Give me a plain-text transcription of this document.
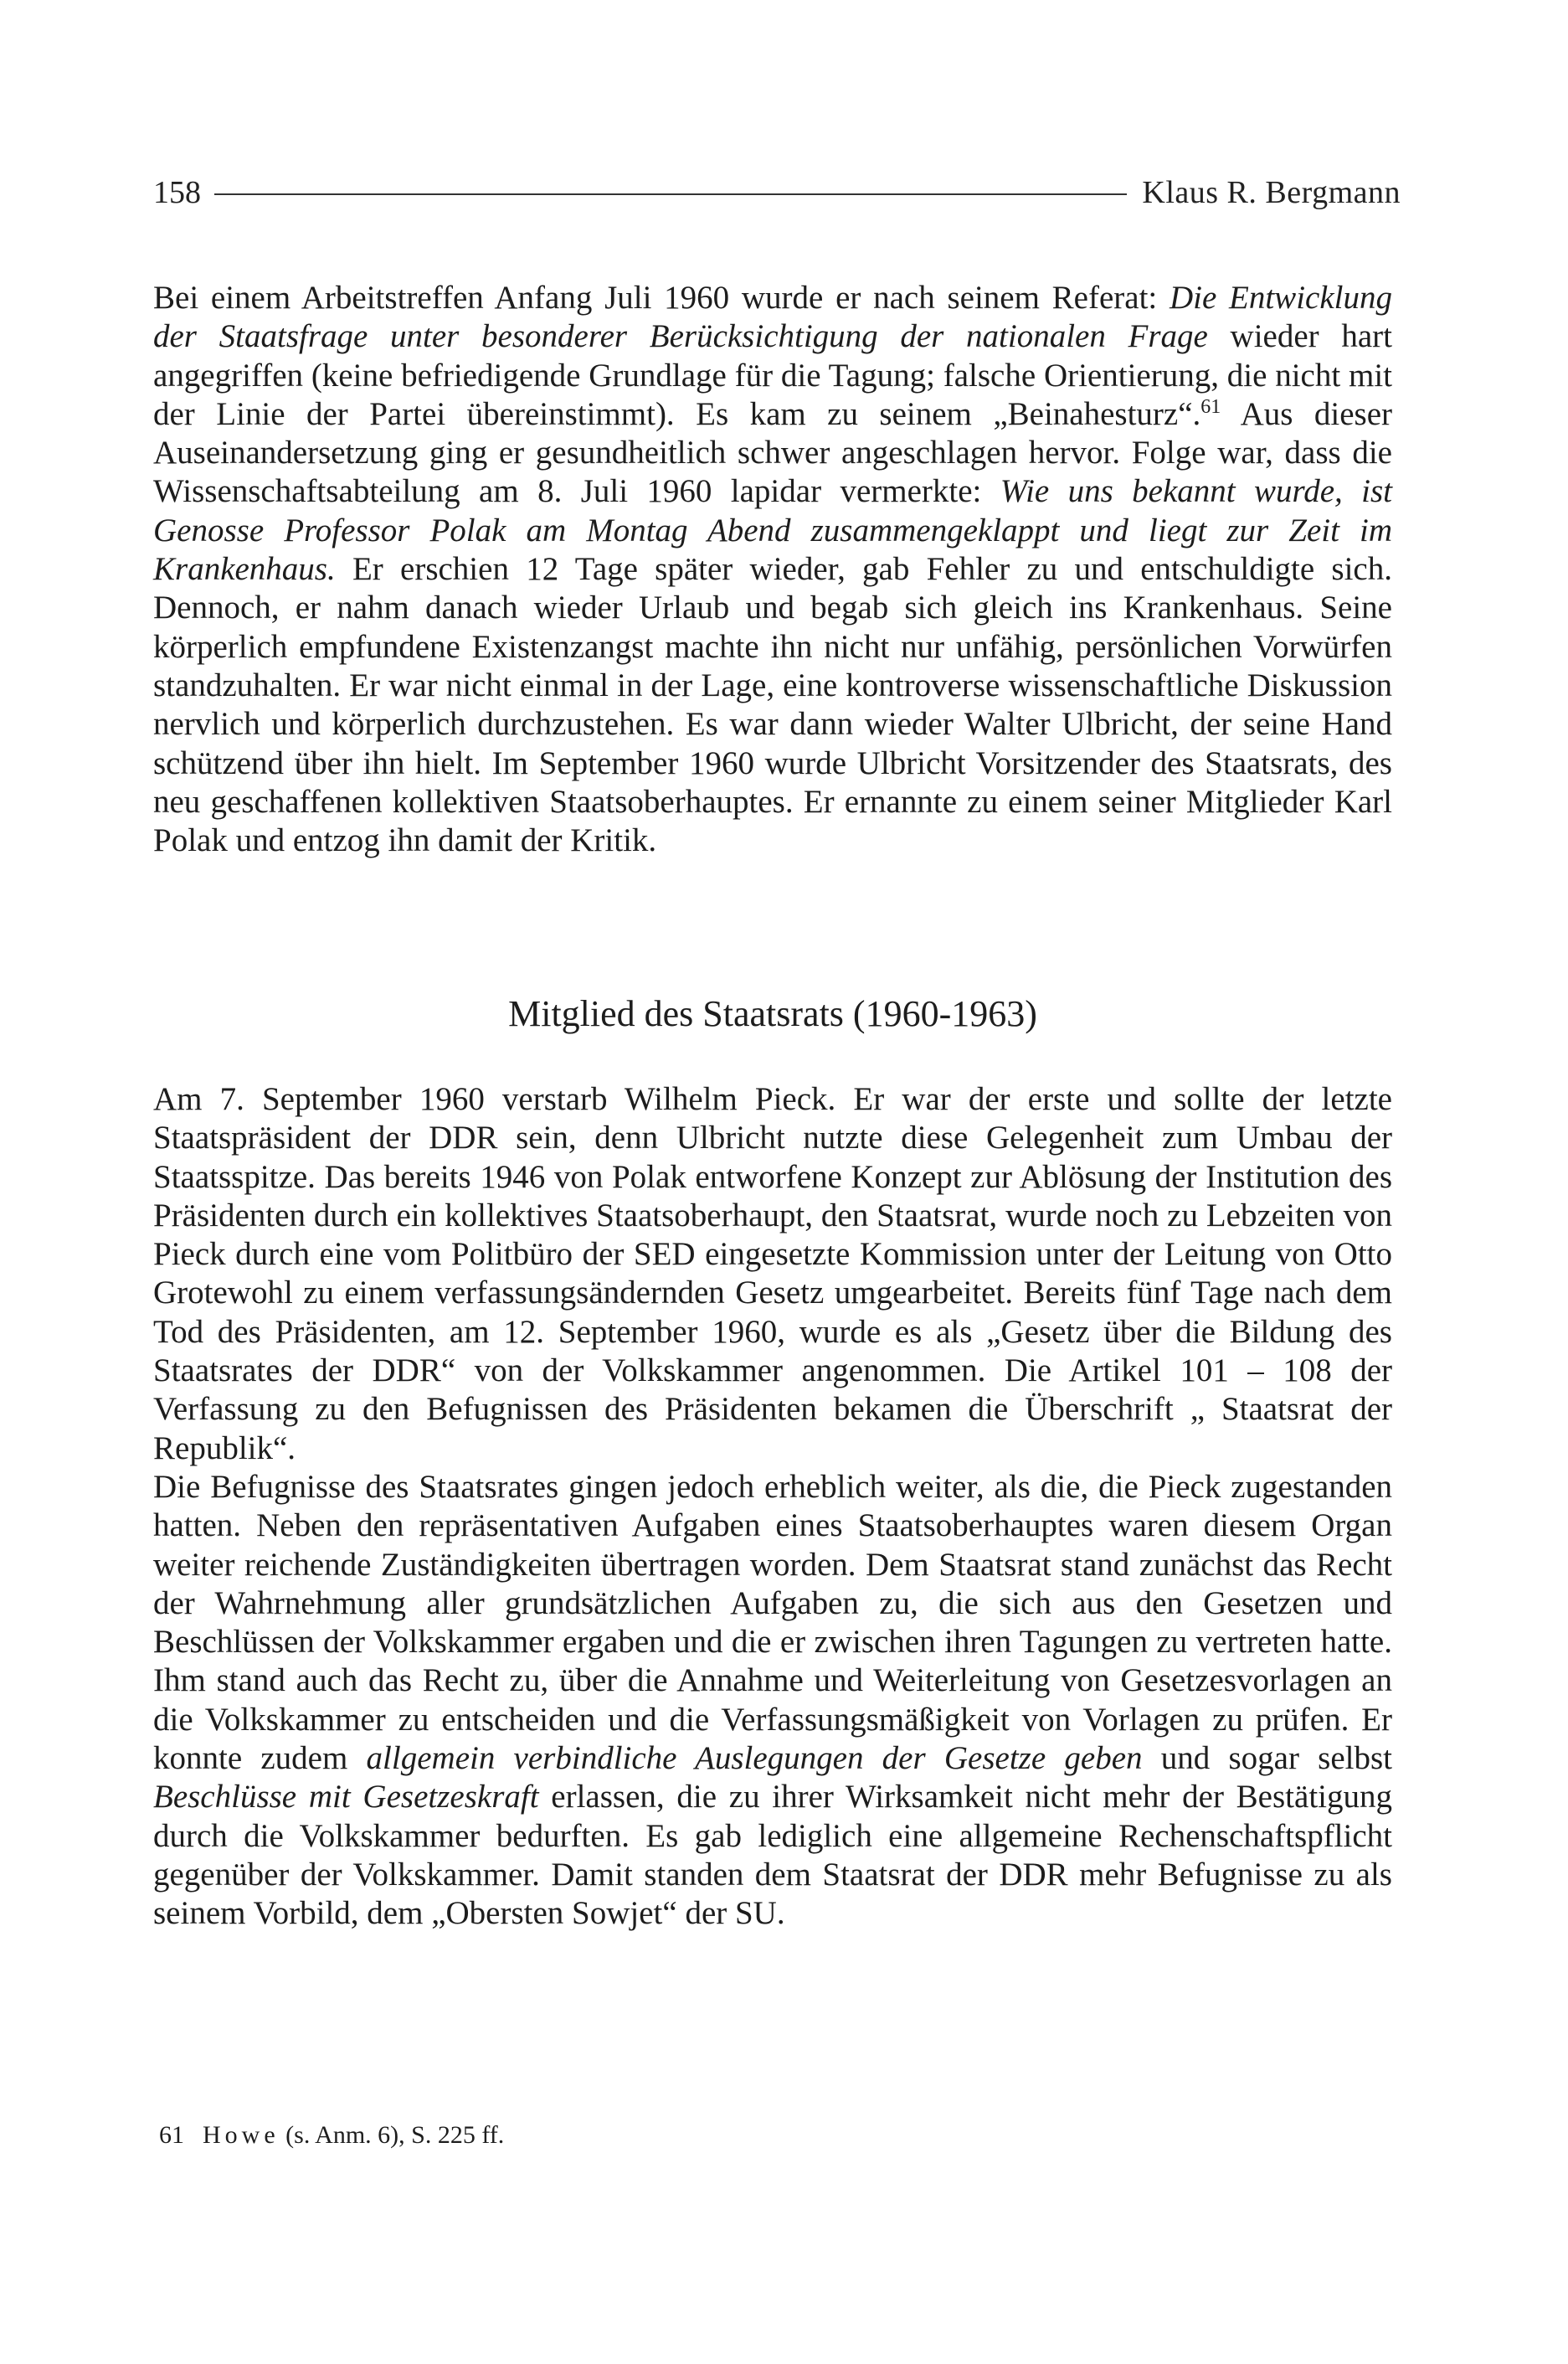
158	Klaus R. Bergmann

Bei einem Arbeitstreffen Anfang Juli 1960 wurde er nach seinem Referat: Die Entwicklung der Staatsfrage unter besonderer Berücksichtigung der nationalen Frage wieder hart angegriffen (keine befriedigende Grundlage für die Tagung; falsche Orientierung, die nicht mit der Linie der Partei übereinstimmt). Es kam zu seinem „Beinahesturz“.$^{61}$ Aus dieser Auseinandersetzung ging er gesundheitlich schwer angeschlagen hervor. Folge war, dass die Wissenschaftsabteilung am 8. Juli 1960 lapidar vermerkte: Wie uns bekannt wurde, ist Genosse Professor Polak am Montag Abend zusammengeklappt und liegt zur Zeit im Krankenhaus. Er erschien 12 Tage später wieder, gab Fehler zu und entschuldigte sich. Dennoch, er nahm danach wieder Urlaub und begab sich gleich ins Krankenhaus. Seine körperlich empfundene Existenzangst machte ihn nicht nur unfähig, persönlichen Vorwürfen standzuhalten. Er war nicht einmal in der Lage, eine kontroverse wissenschaftliche Diskussion nervlich und körperlich durchzustehen. Es war dann wieder Walter Ulbricht, der seine Hand schützend über ihn hielt. Im September 1960 wurde Ulbricht Vorsitzender des Staatsrats, des neu geschaffenen kollektiven Staatsoberhauptes. Er ernannte zu einem seiner Mitglieder Karl Polak und entzog ihn damit der Kritik.

Mitglied des Staatsrats (1960-1963)

Am 7. September 1960 verstarb Wilhelm Pieck. Er war der erste und sollte der letzte Staatspräsident der DDR sein, denn Ulbricht nutzte diese Gelegenheit zum Umbau der Staatsspitze. Das bereits 1946 von Polak entworfene Konzept zur Ablösung der Institution des Präsidenten durch ein kollektives Staatsoberhaupt, den Staatsrat, wurde noch zu Lebzeiten von Pieck durch eine vom Politbüro der SED eingesetzte Kommission unter der Leitung von Otto Grotewohl zu einem verfassungsändernden Gesetz umgearbeitet. Bereits fünf Tage nach dem Tod des Präsidenten, am 12. September 1960, wurde es als „Gesetz über die Bildung des Staatsrates der DDR“ von der Volkskammer angenommen. Die Artikel 101 – 108 der Verfassung zu den Befugnissen des Präsidenten bekamen die Überschrift „ Staatsrat der Republik“.

Die Befugnisse des Staatsrates gingen jedoch erheblich weiter, als die, die Pieck zugestanden hatten. Neben den repräsentativen Aufgaben eines Staatsoberhauptes waren diesem Organ weiter reichende Zuständigkeiten übertragen worden. Dem Staatsrat stand zunächst das Recht der Wahrnehmung aller grundsätzlichen Aufgaben zu, die sich aus den Gesetzen und Beschlüssen der Volkskammer ergaben und die er zwischen ihren Tagungen zu vertreten hatte. Ihm stand auch das Recht zu, über die Annahme und Weiterleitung von Gesetzesvorlagen an die Volkskammer zu entscheiden und die Verfassungsmäßigkeit von Vorlagen zu prüfen. Er konnte zudem allgemein verbindliche Auslegungen der Gesetze geben und sogar selbst Beschlüsse mit Gesetzeskraft erlassen, die zu ihrer Wirksamkeit nicht mehr der Bestätigung durch die Volkskammer bedurften. Es gab lediglich eine allgemeine Rechenschaftspflicht gegenüber der Volkskammer. Damit standen dem Staatsrat der DDR mehr Befugnisse zu als seinem Vorbild, dem „Obersten Sowjet“ der SU.

61 Howe (s. Anm. 6), S. 225 ff.
